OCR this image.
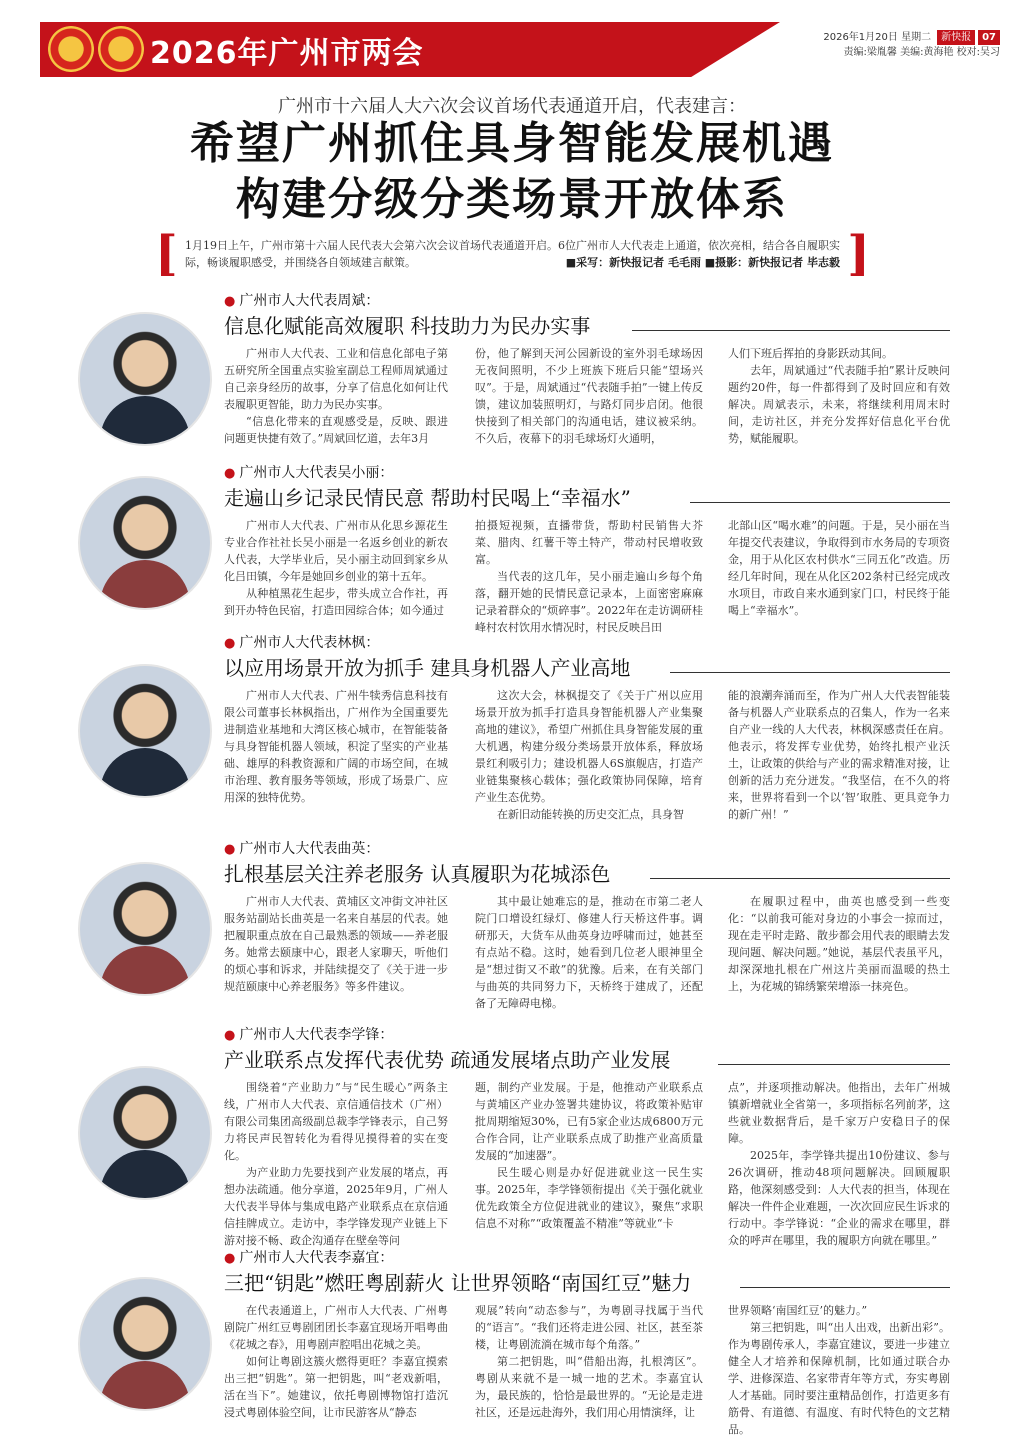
2026年广州市两会	2026年1月20日 星期二 新快报 07
责编:梁胤馨 美编:黄海艳 校对:吴习
广州市十六届人大六次会议首场代表通道开启，代表建言：
希望广州抓住具身智能发展机遇
构建分级分类场景开放体系
[ 1月19日上午，广州市第十六届人民代表大会第六次会议首场代表通道开启。6位广州市人大代表走上通道，依次亮相，结合各自履职实际，畅谈履职感受，并围绕各自领域建言献策。	■采写：新快报记者 毛毛雨 ■摄影：新快报记者 毕志毅 ]
● 广州市人大代表周斌：
信息化赋能高效履职 科技助力为民办实事

广州市人大代表、工业和信息化部电子第五研究所全国重点实验室副总工程师周斌通过自己亲身经历的故事，分享了信息化如何让代表履职更智能，助力为民办实事。

“信息化带来的直观感受是，反映、跟进问题更快捷有效了。”周斌回忆道，去年3月

份，他了解到天河公园新设的室外羽毛球场因无夜间照明，不少上班族下班后只能“望场兴叹”。于是，周斌通过“代表随手拍”一键上传反馈，建议加装照明灯，与路灯同步启闭。他很快接到了相关部门的沟通电话，建议被采纳。不久后，夜幕下的羽毛球场灯火通明，

人们下班后挥拍的身影跃动其间。

去年，周斌通过“代表随手拍”累计反映问题约20件，每一件都得到了及时回应和有效解决。周斌表示，未来，将继续利用周末时间，走访社区，并充分发挥好信息化平台优势，赋能履职。

● 广州市人大代表吴小丽：
走遍山乡记录民情民意 帮助村民喝上“幸福水”

广州市人大代表、广州市从化思乡源花生专业合作社社长吴小丽是一名返乡创业的新农人代表，大学毕业后，吴小丽主动回到家乡从化吕田镇，今年是她回乡创业的第十五年。

从种植黑花生起步，带头成立合作社，再到开办特色民宿，打造田园综合体；如今通过

拍摄短视频，直播带货，帮助村民销售大芥菜、腊肉、红薯干等土特产，带动村民增收致富。

当代表的这几年，吴小丽走遍山乡每个角落，翻开她的民情民意记录本，上面密密麻麻记录着群众的“烦碎事”。2022年在走访调研桂峰村农村饮用水情况时，村民反映吕田

北部山区“喝水难”的问题。于是，吴小丽在当年提交代表建议，争取得到市水务局的专项资金，用于从化区农村供水“三同五化”改造。历经几年时间，现在从化区202条村已经完成改水项目，市政自来水通到家门口，村民终于能喝上“幸福水”。

● 广州市人大代表林枫：
以应用场景开放为抓手 建具身机器人产业高地

广州市人大代表、广州牛犊秀信息科技有限公司董事长林枫指出，广州作为全国重要先进制造业基地和大湾区核心城市，在智能装备与具身智能机器人领域，积淀了坚实的产业基础、雄厚的科教资源和广阔的市场空间，在城市治理、教育服务等领域，形成了场景广、应用深的独特优势。

这次大会，林枫提交了《关于广州以应用场景开放为抓手打造具身智能机器人产业集聚高地的建议》，希望广州抓住具身智能发展的重大机遇，构建分级分类场景开放体系，释放场景红利吸引力；建设机器人6S旗舰店，打造产业链集聚核心载体；强化政策协同保障，培育产业生态优势。

在新旧动能转换的历史交汇点，具身智

能的浪潮奔涌而至，作为广州人大代表智能装备与机器人产业联系点的召集人，作为一名来自产业一线的人大代表，林枫深感责任在肩。他表示，将发挥专业优势，始终扎根产业沃土，让政策的供给与产业的需求精准对接，让创新的活力充分迸发。“我坚信，在不久的将来，世界将看到一个以‘智’取胜、更具竞争力的新广州！”

● 广州市人大代表曲英：
扎根基层关注养老服务 认真履职为花城添色

广州市人大代表、黄埔区文冲街文冲社区服务站副站长曲英是一名来自基层的代表。她把履职重点放在自己最熟悉的领域——养老服务。她常去颐康中心，跟老人家聊天，听他们的烦心事和诉求，并陆续提交了《关于进一步规范颐康中心养老服务》等多件建议。

其中最让她难忘的是，推动在市第二老人院门口增设红绿灯、修建人行天桥这件事。调研那天，大货车从曲英身边呼啸而过，她甚至有点站不稳。这时，她看到几位老人眼神里全是“想过街又不敢”的犹豫。后来，在有关部门与曲英的共同努力下，天桥终于建成了，还配备了无障碍电梯。

在履职过程中，曲英也感受到一些变化：“以前我可能对身边的小事会一掠而过，现在走平时走路、散步都会用代表的眼睛去发现问题、解决问题。”她说，基层代表虽平凡，却深深地扎根在广州这片美丽而温暖的热土上，为花城的锦绣繁荣增添一抹亮色。

● 广州市人大代表李学锋：
产业联系点发挥代表优势 疏通发展堵点助产业发展

围绕着“产业助力”与“民生暖心”两条主线，广州市人大代表、京信通信技术（广州）有限公司集团高级副总裁李学锋表示，自己努力将民声民智转化为看得见摸得着的实在变化。

为产业助力先要找到产业发展的堵点，再想办法疏通。他分享道，2025年9月，广州人大代表半导体与集成电路产业联系点在京信通信挂牌成立。走访中，李学锋发现产业链上下游对接不畅、政企沟通存在壁垒等问

题，制约产业发展。于是，他推动产业联系点与黄埔区产业办签署共建协议，将政策补贴审批周期缩短30%，已有5家企业达成6800万元合作合同，让产业联系点成了助推产业高质量发展的“加速器”。

民生暖心则是办好促进就业这一民生实事。2025年，李学锋领衔提出《关于强化就业优先政策全方位促进就业的建议》，聚焦“求职信息不对称”“政策覆盖不精准”等就业“卡

点”，并逐项推动解决。他指出，去年广州城镇新增就业全省第一，多项指标名列前茅，这些就业数据背后，是千家万户安稳日子的保障。

2025年，李学锋共提出10份建议、参与26次调研，推动48项问题解决。回顾履职路，他深刻感受到：人大代表的担当，体现在解决一件件企业难题，一次次回应民生诉求的行动中。李学锋说：“企业的需求在哪里，群众的呼声在哪里，我的履职方向就在哪里。”

● 广州市人大代表李嘉宜：
三把“钥匙”燃旺粤剧薪火 让世界领略“南国红豆”魅力

在代表通道上，广州市人大代表、广州粤剧院广州红豆粤剧团团长李嘉宜现场开唱粤曲《花城之春》，用粤剧声腔唱出花城之美。

如何让粤剧这簇火燃得更旺？李嘉宜摸索出三把“钥匙”。第一把钥匙，叫“老戏新唱，活在当下”。她建议，依托粤剧博物馆打造沉浸式粤剧体验空间，让市民游客从“静态

观展”转向“动态参与”，为粤剧寻找属于当代的“语言”。“我们还将走进公园、社区，甚至茶楼，让粤剧流淌在城市每个角落。”

第二把钥匙，叫“借船出海，扎根湾区”。粤剧从来就不是一城一地的艺术。李嘉宜认为，最民族的，恰恰是最世界的。“无论是走进社区，还是远赴海外，我们用心用情演绎，让

世界领略‘南国红豆’的魅力。”

第三把钥匙，叫“出人出戏，出新出彩”。作为粤剧传承人，李嘉宜建议，要进一步建立健全人才培养和保障机制，比如通过联合办学、进修深造、名家带青年等方式，夯实粤剧人才基础。同时要注重精品创作，打造更多有筋骨、有道德、有温度、有时代特色的文艺精品。
